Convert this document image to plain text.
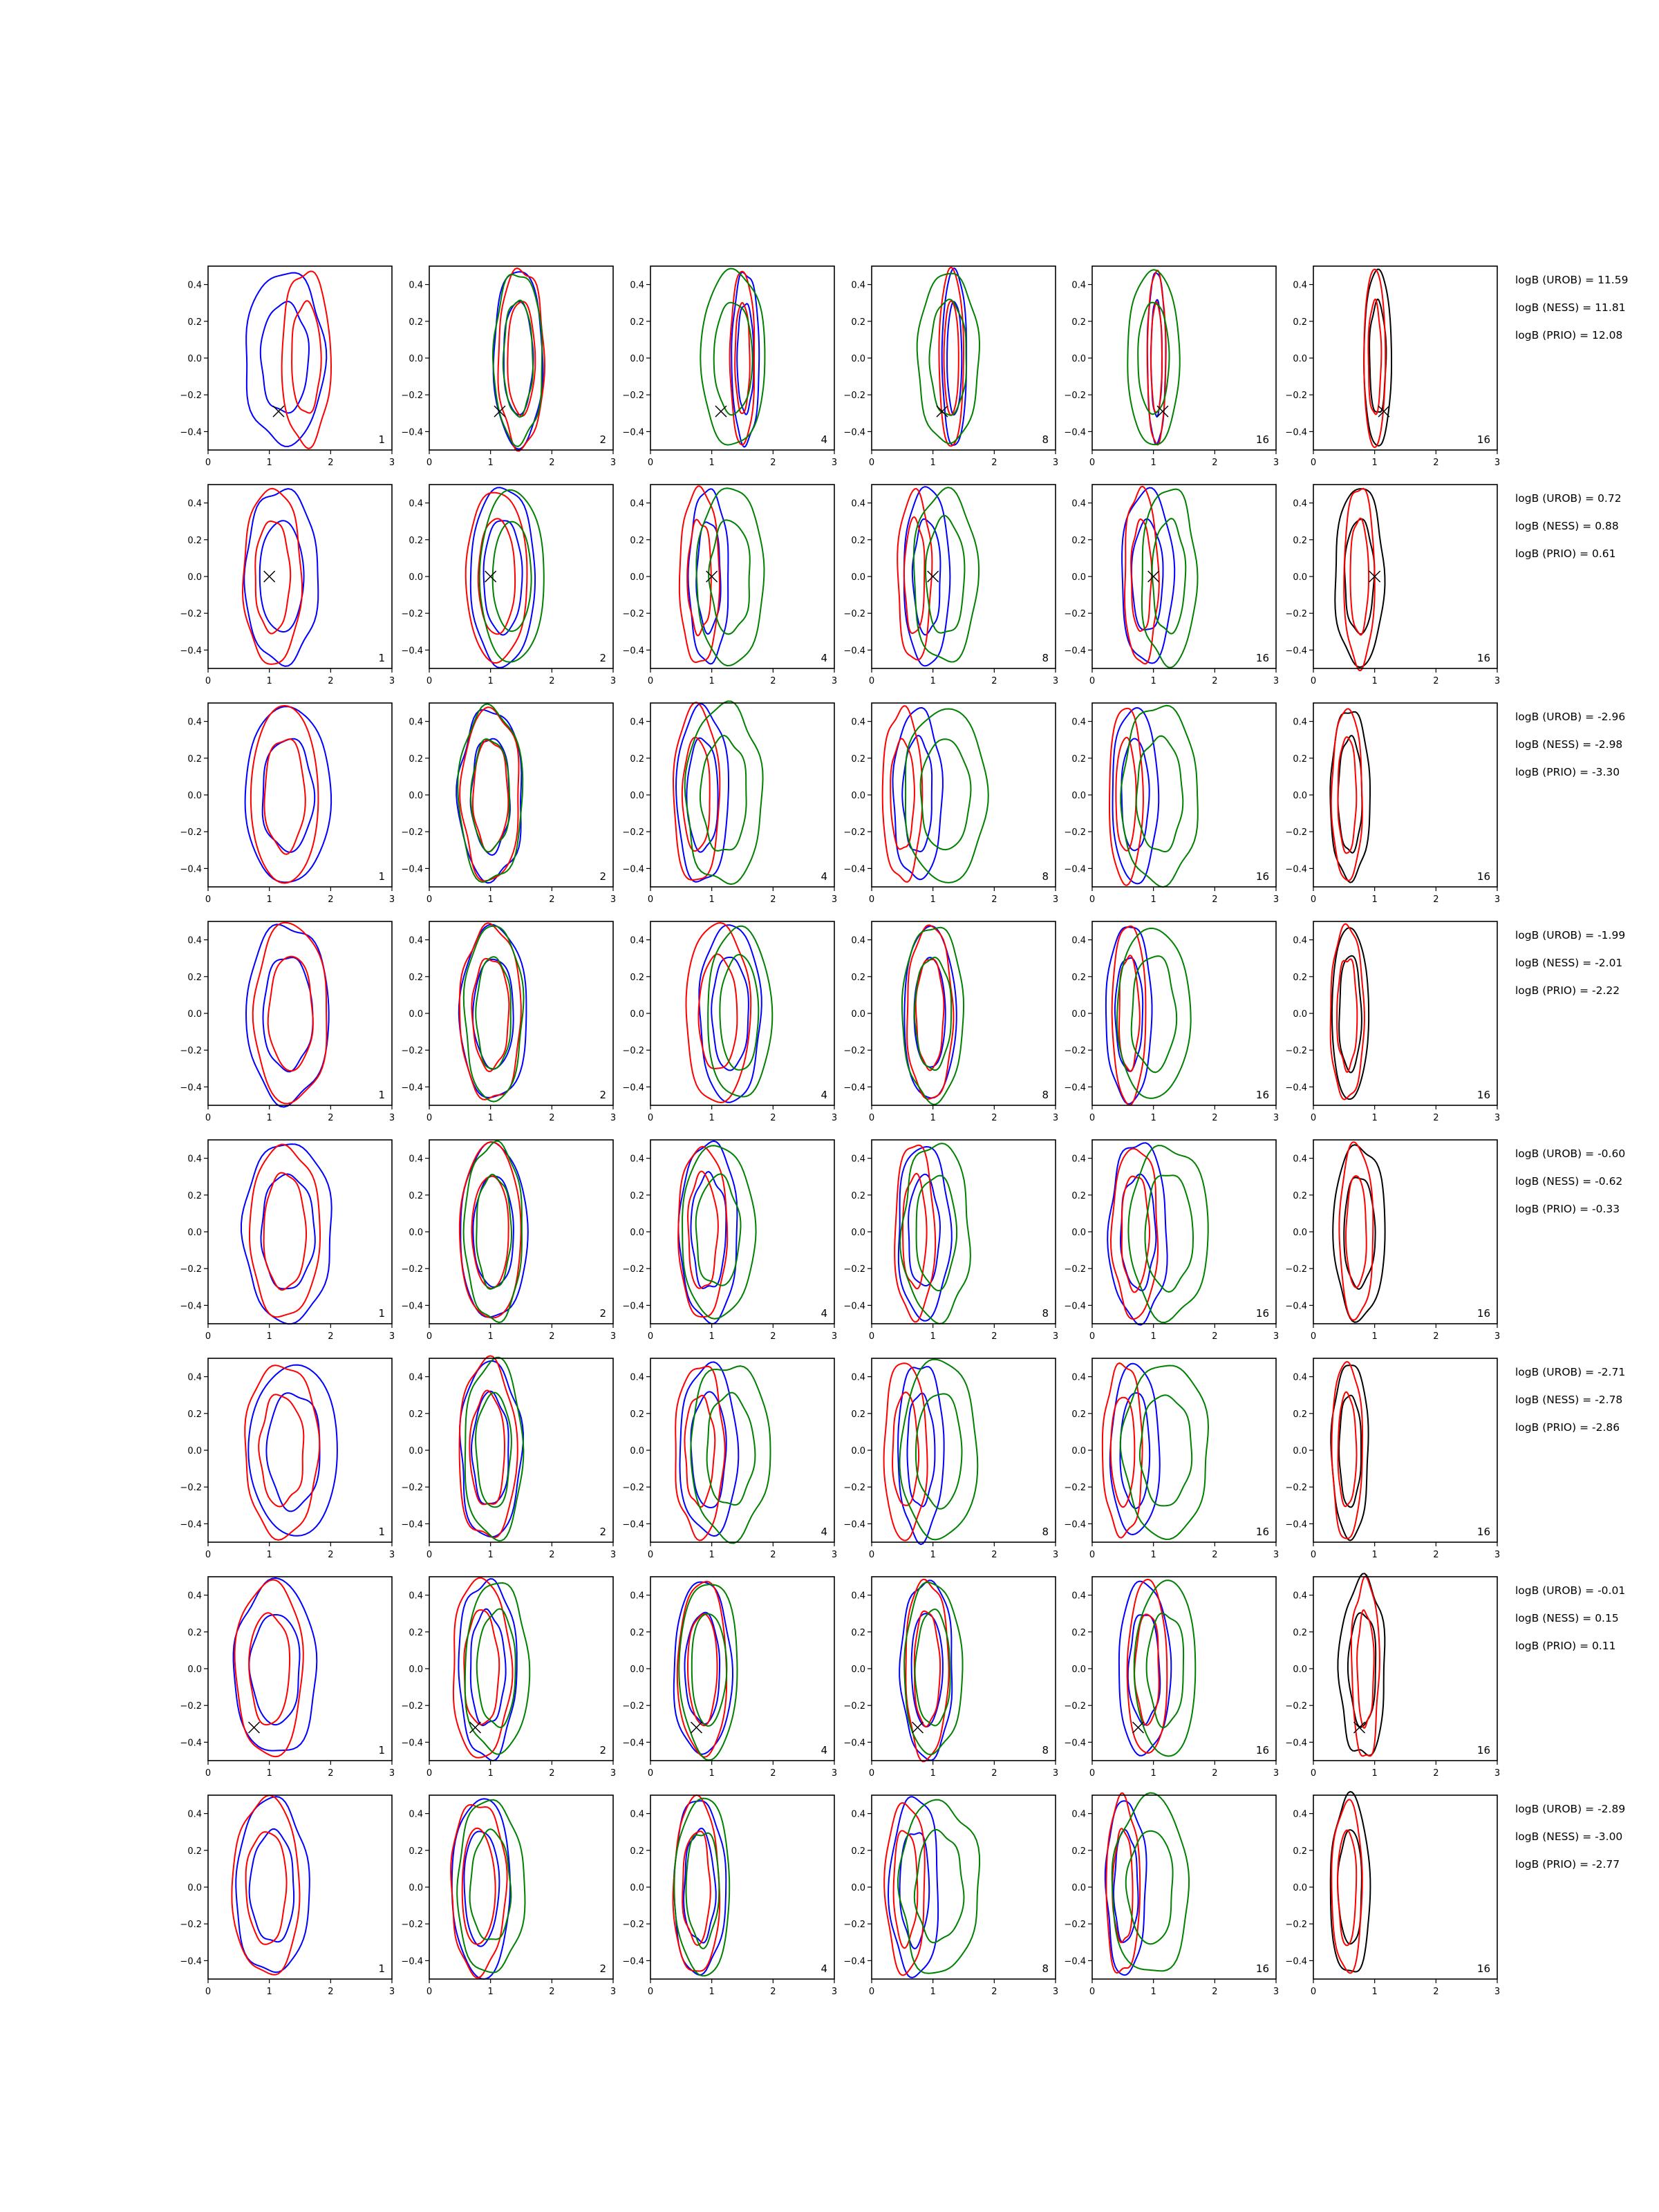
0.4
0.2
0.0
−0.2
−0.4
0	1	2	3
1
0.4
0.2
0.0
−0.2
−0.4
0	1	2	3
2
0.4
0.2
0.0
−0.2
−0.4
0	1	2	3
4
0.4
0.2
0.0
−0.2
−0.4
0	1	2	3
8
0.4
0.2
0.0
−0.2
−0.4
0	1	2	3
16
0.4
0.2
0.0
−0.2
−0.4
0	1	2	3
16
logB (UROB) = 11.59
logB (NESS) = 11.81
logB (PRIO) = 12.08
0.4
0.2
0.0
−0.2
−0.4
0	1	2	3
1
0.4
0.2
0.0
−0.2
−0.4
0	1	2	3
2
0.4
0.2
0.0
−0.2
−0.4
0	1	2	3
4
0.4
0.2
0.0
−0.2
−0.4
0	1	2	3
8
0.4
0.2
0.0
−0.2
−0.4
0	1	2	3
16
0.4
0.2
0.0
−0.2
−0.4
0	1	2	3
16
logB (UROB) = 0.72
logB (NESS) = 0.88
logB (PRIO) = 0.61
0.4
0.2
0.0
−0.2
−0.4
0	1	2	3
1
0.4
0.2
0.0
−0.2
−0.4
0	1	2	3
2
0.4
0.2
0.0
−0.2
−0.4
0	1	2	3
4
0.4
0.2
0.0
−0.2
−0.4
0	1	2	3
8
0.4
0.2
0.0
−0.2
−0.4
0	1	2	3
16
0.4
0.2
0.0
−0.2
−0.4
0	1	2	3
16
logB (UROB) = -2.96
logB (NESS) = -2.98
logB (PRIO) = -3.30
0.4
0.2
0.0
−0.2
−0.4
0	1	2	3
1
0.4
0.2
0.0
−0.2
−0.4
0	1	2	3
2
0.4
0.2
0.0
−0.2
−0.4
0	1	2	3
4
0.4
0.2
0.0
−0.2
−0.4
0	1	2	3
8
0.4
0.2
0.0
−0.2
−0.4
0	1	2	3
16
0.4
0.2
0.0
−0.2
−0.4
0	1	2	3
16
logB (UROB) = -1.99
logB (NESS) = -2.01
logB (PRIO) = -2.22
0.4
0.2
0.0
−0.2
−0.4
0	1	2	3
1
0.4
0.2
0.0
−0.2
−0.4
0	1	2	3
2
0.4
0.2
0.0
−0.2
−0.4
0	1	2	3
4
0.4
0.2
0.0
−0.2
−0.4
0	1	2	3
8
0.4
0.2
0.0
−0.2
−0.4
0	1	2	3
16
0.4
0.2
0.0
−0.2
−0.4
0	1	2	3
16
logB (UROB) = -0.60
logB (NESS) = -0.62
logB (PRIO) = -0.33
0.4
0.2
0.0
−0.2
−0.4
0	1	2	3
1
0.4
0.2
0.0
−0.2
−0.4
0	1	2	3
2
0.4
0.2
0.0
−0.2
−0.4
0	1	2	3
4
0.4
0.2
0.0
−0.2
−0.4
0	1	2	3
8
0.4
0.2
0.0
−0.2
−0.4
0	1	2	3
16
0.4
0.2
0.0
−0.2
−0.4
0	1	2	3
16
logB (UROB) = -2.71
logB (NESS) = -2.78
logB (PRIO) = -2.86
0.4
0.2
0.0
−0.2
−0.4
0	1	2	3
1
0.4
0.2
0.0
−0.2
−0.4
0	1	2	3
2
0.4
0.2
0.0
−0.2
−0.4
0	1	2	3
4
0.4
0.2
0.0
−0.2
−0.4
0	1	2	3
8
0.4
0.2
0.0
−0.2
−0.4
0	1	2	3
16
0.4
0.2
0.0
−0.2
−0.4
0	1	2	3
16
logB (UROB) = -0.01
logB (NESS) = 0.15
logB (PRIO) = 0.11
0.4
0.2
0.0
−0.2
−0.4
0	1	2	3
1
0.4
0.2
0.0
−0.2
−0.4
0	1	2	3
2
0.4
0.2
0.0
−0.2
−0.4
0	1	2	3
4
0.4
0.2
0.0
−0.2
−0.4
0	1	2	3
8
0.4
0.2
0.0
−0.2
−0.4
0	1	2	3
16
0.4
0.2
0.0
−0.2
−0.4
0	1	2	3
16
logB (UROB) = -2.89
logB (NESS) = -3.00
logB (PRIO) = -2.77
